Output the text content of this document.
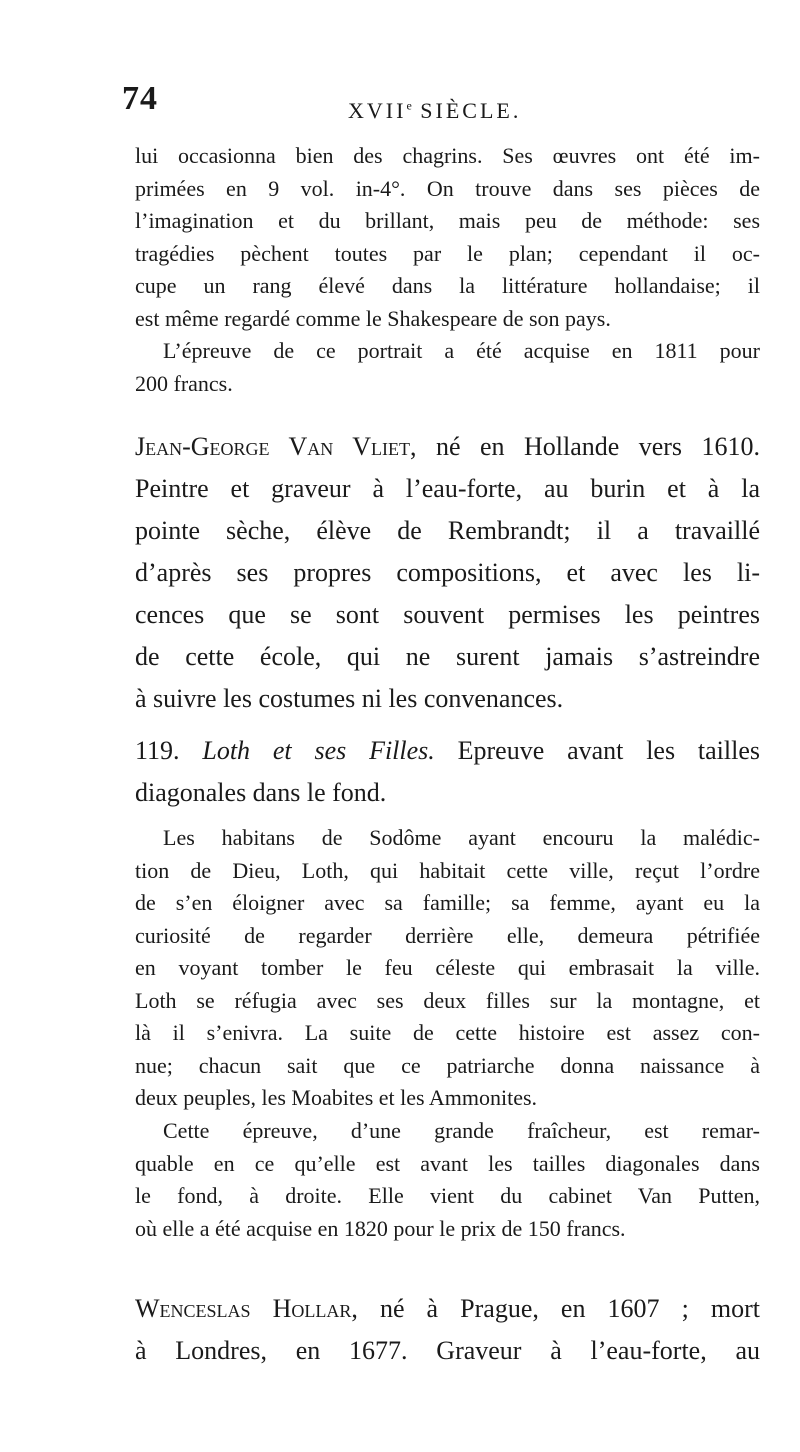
74	XVIIe SIÈCLE.
lui occasionna bien des chagrins. Ses œuvres ont été im-
primées en 9 vol. in-4°. On trouve dans ses pièces de
l’imagination et du brillant, mais peu de méthode: ses
tragédies pèchent toutes par le plan; cependant il oc-
cupe un rang élevé dans la littérature hollandaise; il
est même regardé comme le Shakespeare de son pays.
L’épreuve de ce portrait a été acquise en 1811 pour
200 francs.
Jean-George Van Vliet, né en Hollande vers 1610.
Peintre et graveur à l’eau-forte, au burin et à la
pointe sèche, élève de Rembrandt; il a travaillé
d’après ses propres compositions, et avec les li-
cences que se sont souvent permises les peintres
de cette école, qui ne surent jamais s’astreindre
à suivre les costumes ni les convenances.
119. Loth et ses Filles. Epreuve avant les tailles
diagonales dans le fond.
Les habitans de Sodôme ayant encouru la malédic-
tion de Dieu, Loth, qui habitait cette ville, reçut l’ordre
de s’en éloigner avec sa famille; sa femme, ayant eu la
curiosité de regarder derrière elle, demeura pétrifiée
en voyant tomber le feu céleste qui embrasait la ville.
Loth se réfugia avec ses deux filles sur la montagne, et
là il s’enivra. La suite de cette histoire est assez con-
nue; chacun sait que ce patriarche donna naissance à
deux peuples, les Moabites et les Ammonites.
Cette épreuve, d’une grande fraîcheur, est remar-
quable en ce qu’elle est avant les tailles diagonales dans
le fond, à droite. Elle vient du cabinet Van Putten,
où elle a été acquise en 1820 pour le prix de 150 francs.
Wenceslas Hollar, né à Prague, en 1607 ; mort
à Londres, en 1677. Graveur à l’eau-forte, au
